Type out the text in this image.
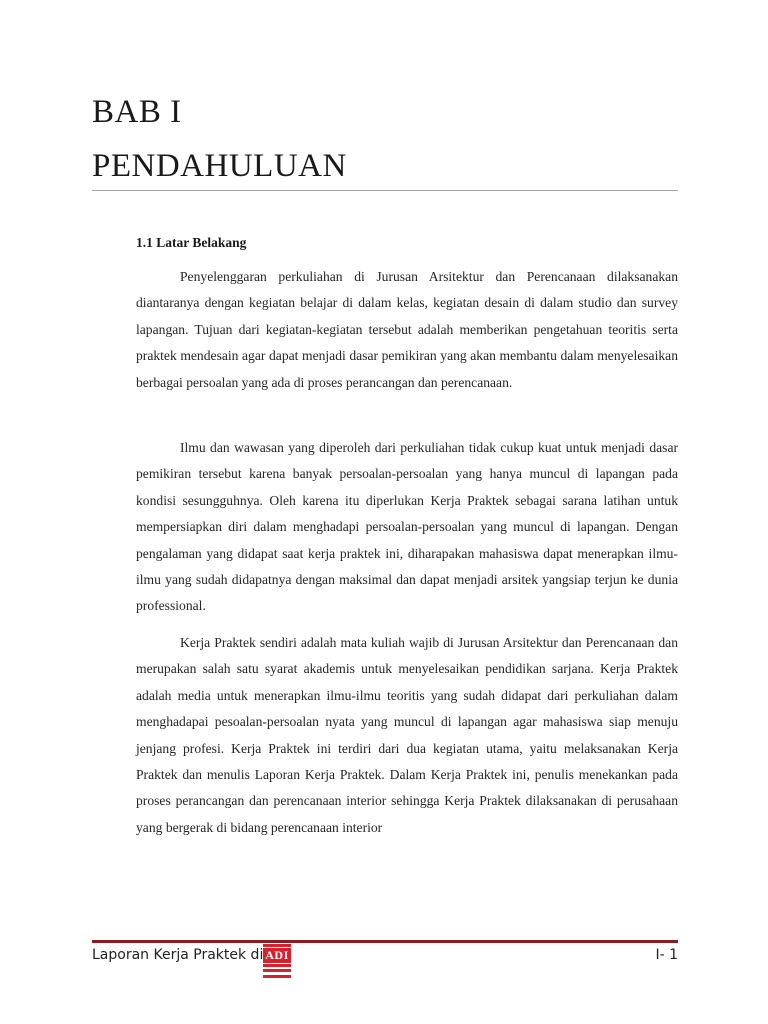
BAB I
PENDAHULUAN
1.1 Latar Belakang

Penyelenggaran perkuliahan di Jurusan Arsitektur dan Perencanaan dilaksanakan diantaranya dengan kegiatan belajar di dalam kelas, kegiatan desain di dalam studio dan survey lapangan. Tujuan dari kegiatan-kegiatan tersebut adalah memberikan pengetahuan teoritis serta praktek mendesain agar dapat menjadi dasar pemikiran yang akan membantu dalam menyelesaikan berbagai persoalan yang ada di proses perancangan dan perencanaan.

Ilmu dan wawasan yang diperoleh dari perkuliahan tidak cukup kuat untuk menjadi dasar pemikiran tersebut karena banyak persoalan-persoalan yang hanya muncul di lapangan pada kondisi sesungguhnya. Oleh karena itu diperlukan Kerja Praktek sebagai sarana latihan untuk mempersiapkan diri dalam menghadapi persoalan-persoalan yang muncul di lapangan. Dengan pengalaman yang didapat saat kerja praktek ini, diharapakan mahasiswa dapat menerapkan ilmu-ilmu yang sudah didapatnya dengan maksimal dan dapat menjadi arsitek yangsiap terjun ke dunia professional.

Kerja Praktek sendiri adalah mata kuliah wajib di Jurusan Arsitektur dan Perencanaan dan merupakan salah satu syarat akademis untuk menyelesaikan pendidikan sarjana. Kerja Praktek adalah media untuk menerapkan ilmu-ilmu teoritis yang sudah didapat dari perkuliahan dalam menghadapai pesoalan-persoalan nyata yang muncul di lapangan agar mahasiswa siap menuju jenjang profesi. Kerja Praktek ini terdiri dari dua kegiatan utama, yaitu melaksanakan Kerja Praktek dan menulis Laporan Kerja Praktek. Dalam Kerja Praktek ini, penulis menekankan pada proses perancangan dan perencanaan interior sehingga Kerja Praktek dilaksanakan di perusahaan yang bergerak di bidang perencanaan interior

Laporan Kerja Praktek di ADI	I- 1
